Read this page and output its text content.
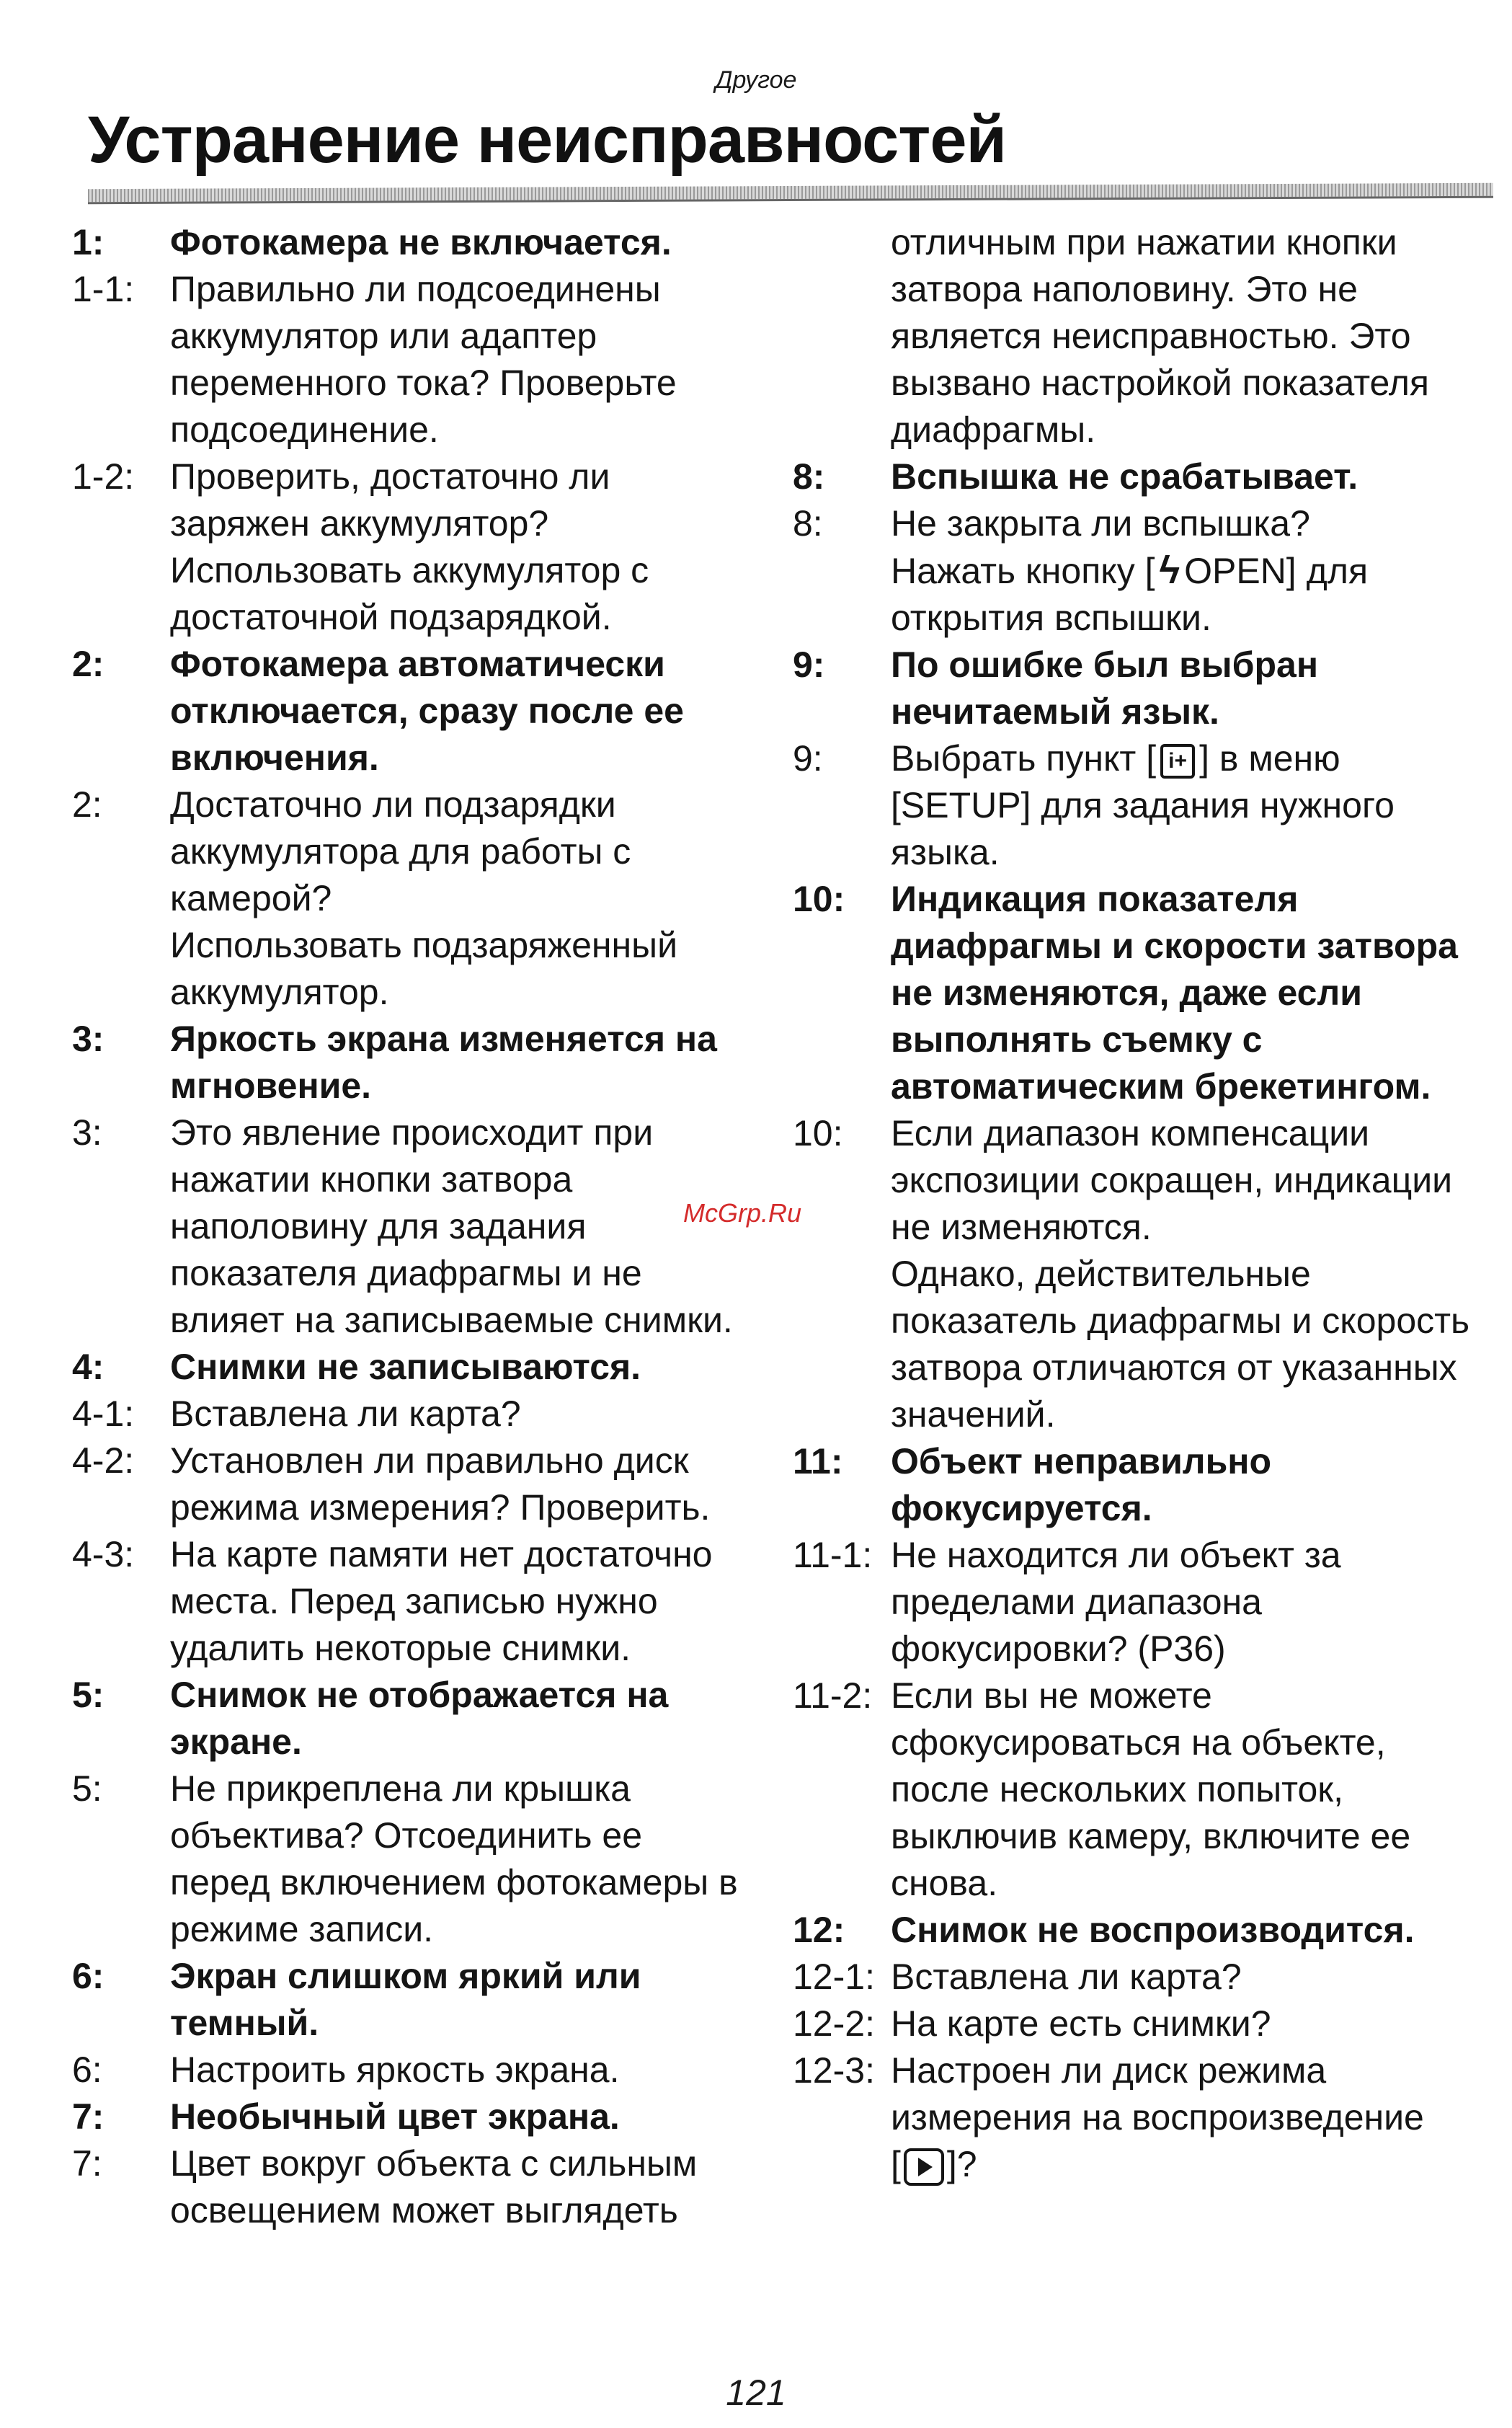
Другое
Устранение неисправностей
1:	Фотокамера не включается.
1-1: Правильно ли подсоединены аккумулятор или адаптер переменного тока? Проверьте подсоединение.
1-2: Проверить, достаточно ли заряжен аккумулятор? Использовать аккумулятор с достаточной подзарядкой.
2:	Фотокамера автоматически отключается, сразу после ее включения.
2:	Достаточно ли подзарядки аккумулятора для работы с камерой?
Использовать подзаряженный аккумулятор.
3:	Яркость экрана изменяется на мгновение.
3:	Это явление происходит при нажатии кнопки затвора наполовину для задания показателя диафрагмы и не влияет на записываемые снимки.
4:	Снимки не записываются.
4-1: Вставлена ли карта?
4-2: Установлен ли правильно диск режима измерения? Проверить.
4-3: На карте памяти нет достаточно места. Перед записью нужно удалить некоторые снимки.
5:	Снимок не отображается на экране.
5:	Не прикреплена ли крышка объектива? Отсоединить ее перед включением фотокамеры в режиме записи.
6:	Экран слишком яркий или темный.
6:	Настроить яркость экрана.
7:	Необычный цвет экрана.
7:	Цвет вокруг объекта с сильным освещением может выглядеть
отличным при нажатии кнопки затвора наполовину. Это не является неисправностью. Это вызвано настройкой показателя диафрагмы.
8:	Вспышка не срабатывает.
8:	Не закрыта ли вспышка?
Нажать кнопку [ ϟ OPEN] для открытия вспышки.
9:	По ошибке был выбран нечитаемый язык.
9:	Выбрать пункт [ i+ ] в меню [SETUP] для задания нужного языка.
10:	Индикация показателя диафрагмы и скорости затвора не изменяются, даже если выполнять съемку с автоматическим брекетингом.
10:	Если диапазон компенсации экспозиции сокращен, индикации не изменяются.
Однако, действительные показатель диафрагмы и скорость затвора отличаются от указанных значений.
11:	Объект неправильно фокусируется.
11-1: Не находится ли объект за пределами диапазона фокусировки? (P36)
11-2: Если вы не можете сфокусироваться на объекте, после нескольких попыток, выключив камеру, включите ее снова.
12:	Снимок не воспроизводится.
12-1: Вставлена ли карта?
12-2: На карте есть снимки?
12-3: Настроен ли диск режима измерения на воспроизведение
[ ]?
McGrp.Ru
121
